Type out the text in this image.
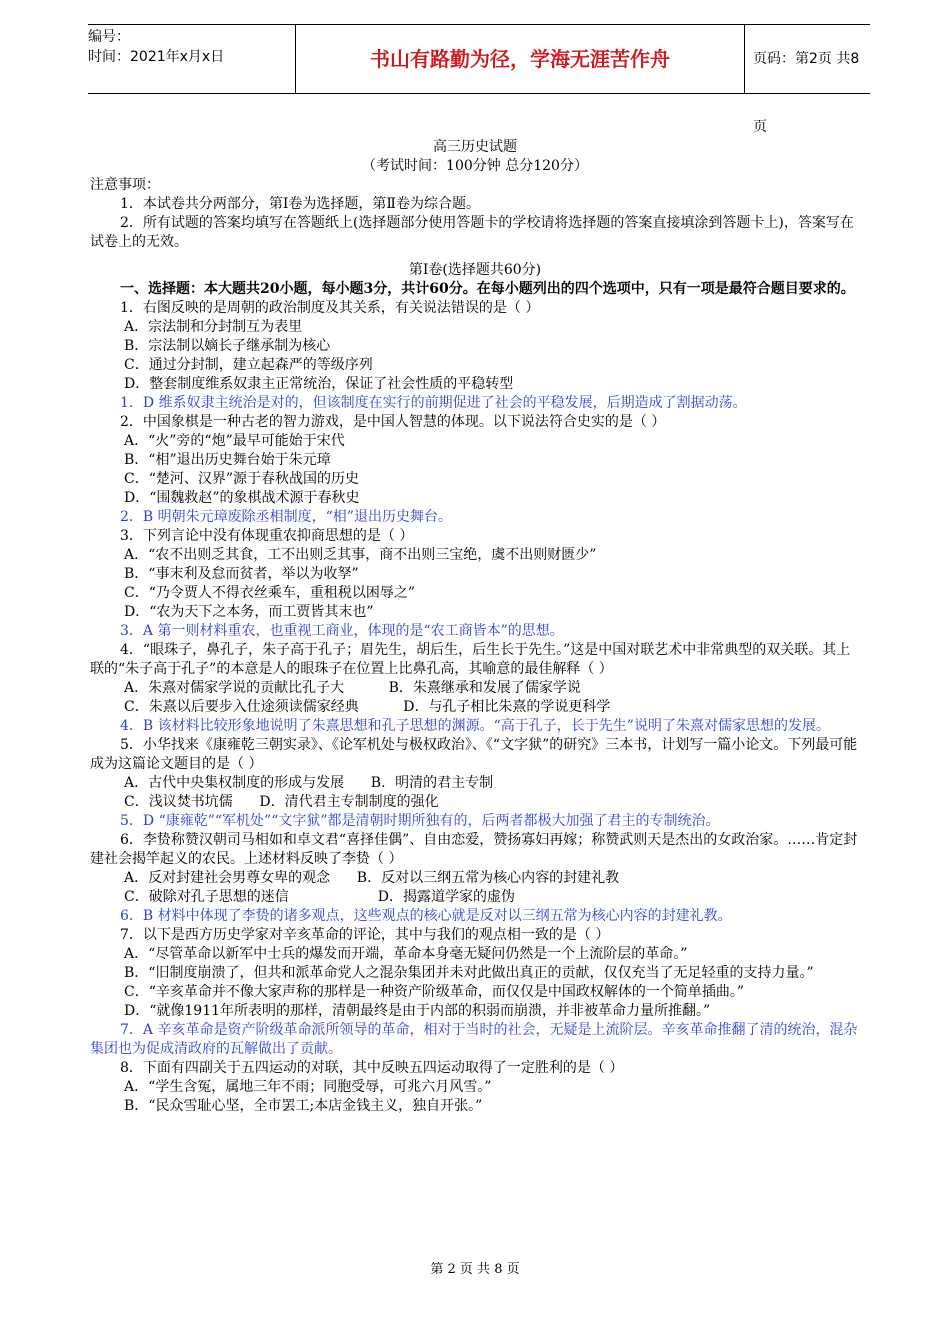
编号：
时间：2021年x月x日	书山有路勤为径，学海无涯苦作舟	页码：第2页 共8页
高三历史试题
（考试时间：100分钟 总分120分）
注意事项：
1．本试卷共分两部分，第Ⅰ卷为选择题，第Ⅱ卷为综合题。
2．所有试题的答案均填写在答题纸上(选择题部分使用答题卡的学校请将选择题的答案直接填涂到答题卡上)，答案写在试卷上的无效。
第Ⅰ卷(选择题共60分)
一、选择题：本大题共20小题，每小题3分，共计60分。在每小题列出的四个选项中，只有一项是最符合题目要求的。
1．右图反映的是周朝的政治制度及其关系，有关说法错误的是（ ）
A．宗法制和分封制互为表里
B．宗法制以嫡长子继承制为核心
C．通过分封制，建立起森严的等级序列
D．整套制度维系奴隶主正常统治，保证了社会性质的平稳转型
1．D 维系奴隶主统治是对的，但该制度在实行的前期促进了社会的平稳发展，后期造成了割据动荡。
2．中国象棋是一种古老的智力游戏，是中国人智慧的体现。以下说法符合史实的是（ ）
A．“火”旁的“炮”最早可能始于宋代
B．“相”退出历史舞台始于朱元璋
C．“楚河、汉界”源于春秋战国的历史
D．“围魏救赵”的象棋战术源于春秋史
2．B 明朝朱元璋废除丞相制度，“相”退出历史舞台。
3．下列言论中没有体现重农抑商思想的是（ ）
A．“农不出则乏其食，工不出则乏其事，商不出则三宝绝，虞不出则财匮少”
B．“事末利及怠而贫者，举以为收孥”
C．“乃令贾人不得衣丝乘车，重租税以困辱之”
D．“农为天下之本务，而工贾皆其末也”
3．A 第一则材料重农，也重视工商业，体现的是“农工商皆本”的思想。
4．“眼珠子，鼻孔子，朱子高于孔子；眉先生，胡后生，后生长于先生。”这是中国对联艺术中非常典型的双关联。其上联的“朱子高于孔子”的本意是人的眼珠子在位置上比鼻孔高，其喻意的最佳解释（ ）
A．朱熹对儒家学说的贡献比孔子大          B．朱熹继承和发展了儒家学说
C．朱熹以后要步入仕途须读儒家经典          D．与孔子相比朱熹的学说更科学
4．B 该材料比较形象地说明了朱熹思想和孔子思想的渊源。“高于孔子，长于先生”说明了朱熹对儒家思想的发展。
5．小华找来《康雍乾三朝实录》、《论军机处与极权政治》、《“文字狱”的研究》三本书，计划写一篇小论文。下列最可能成为这篇论文题目的是（ ）
A．古代中央集权制度的形成与发展      B．明清的君主专制
C．浅议焚书坑儒      D．清代君主专制制度的强化
5．D “康雍乾”“军机处”“文字狱”都是清朝时期所独有的，后两者都极大加强了君主的专制统治。
6．李贽称赞汉朝司马相如和卓文君“喜择佳偶”、自由恋爱，赞扬寡妇再嫁；称赞武则天是杰出的女政治家。……肯定封建社会揭竿起义的农民。上述材料反映了李贽（ ）
A．反对封建社会男尊女卑的观念      B．反对以三纲五常为核心内容的封建礼教
C．破除对孔子思想的迷信                    D．揭露道学家的虚伪
6．B 材料中体现了李贽的诸多观点，这些观点的核心就是反对以三纲五常为核心内容的封建礼教。
7．以下是西方历史学家对辛亥革命的评论，其中与我们的观点相一致的是（ ）
A．“尽管革命以新军中士兵的爆发而开端，革命本身毫无疑问仍然是一个上流阶层的革命。”
B．“旧制度崩溃了，但共和派革命党人之混杂集团并未对此做出真正的贡献，仅仅充当了无足轻重的支持力量。”
C．“辛亥革命并不像大家声称的那样是一种资产阶级革命，而仅仅是中国政权解体的一个简单插曲。”
D．“就像1911年所表明的那样，清朝最终是由于内部的积弱而崩溃，并非被革命力量所推翻。”
7．A 辛亥革命是资产阶级革命派所领导的革命，相对于当时的社会，无疑是上流阶层。辛亥革命推翻了清的统治，混杂集团也为促成清政府的瓦解做出了贡献。
8．下面有四副关于五四运动的对联，其中反映五四运动取得了一定胜利的是（ ）
A．“学生含冤，属地三年不雨；同胞受辱，可兆六月风雪。”
B．“民众雪耻心坚，全市罢工;本店金钱主义，独自开张。”
第 2 页 共 8 页
